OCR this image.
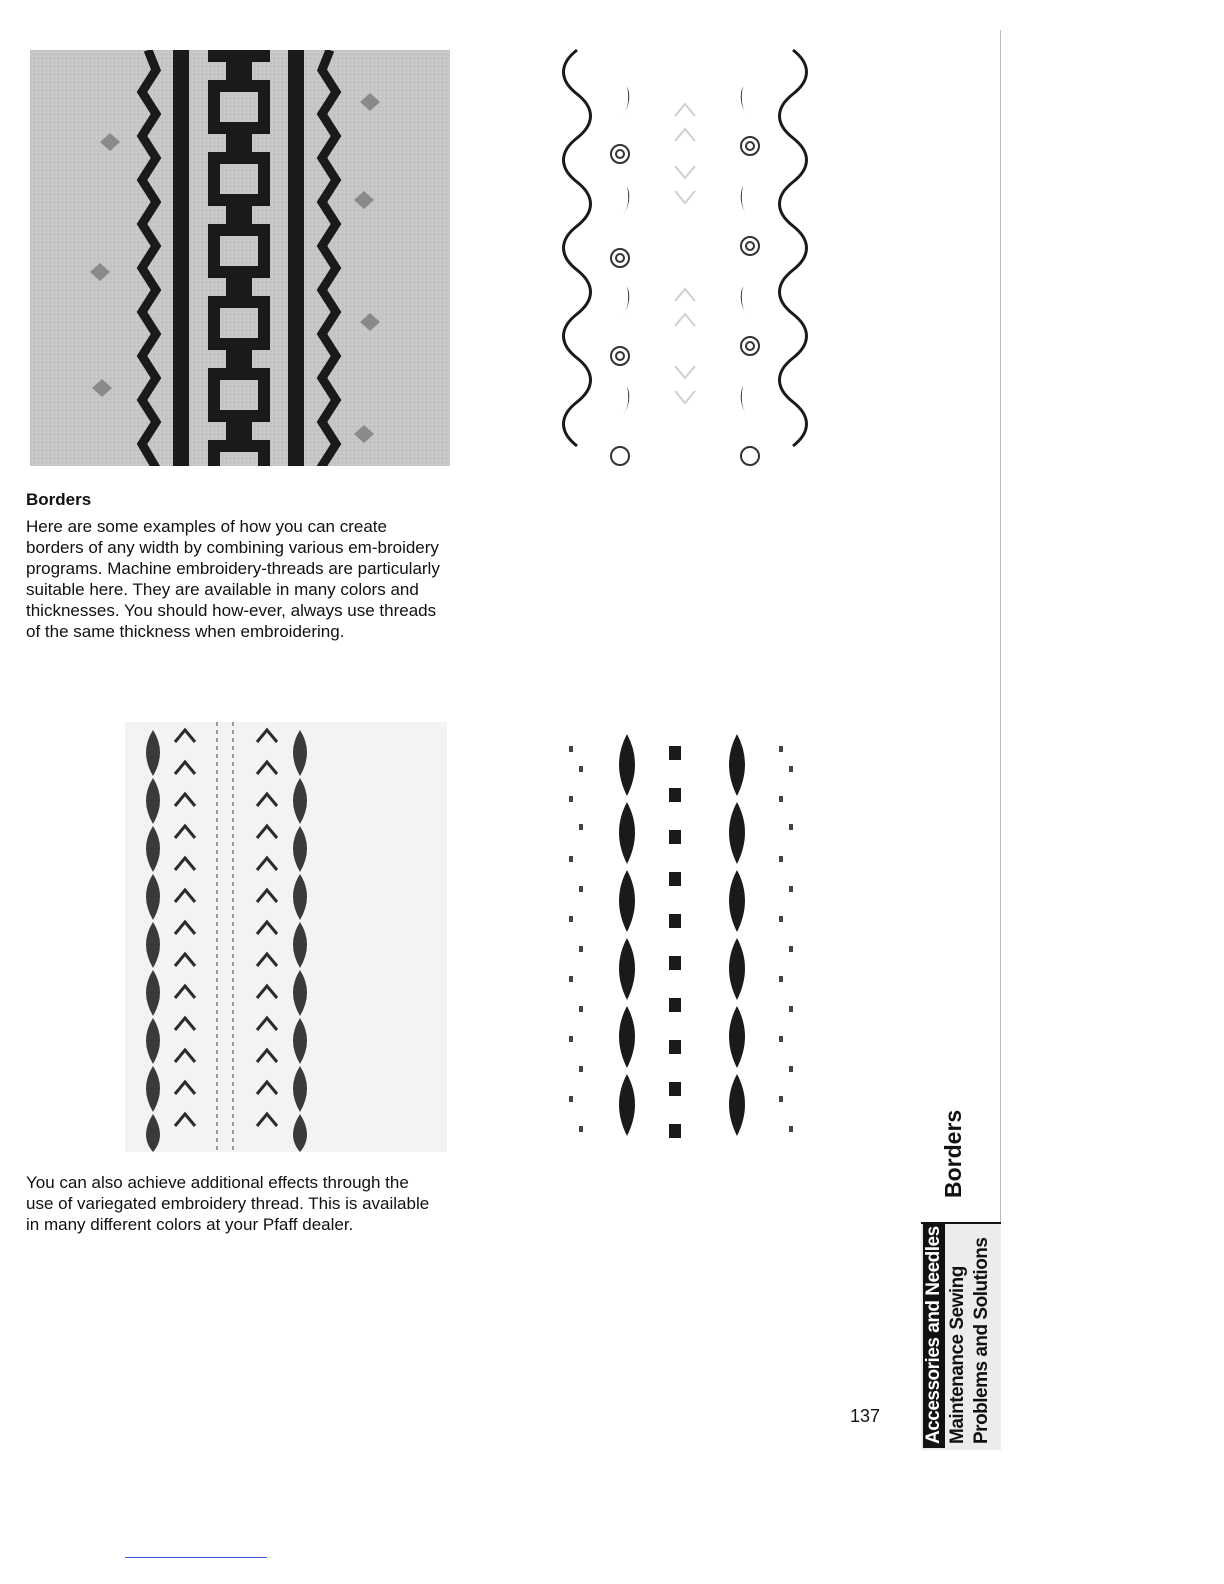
Borders
Here are some examples of how you can create borders of any width by combining various em-broidery programs. Machine embroidery-threads are particularly suitable here. They are available in many colors and thicknesses. You should how-ever, always use threads of the same thickness when embroidering.
You can also achieve additional effects through the use of variegated embroidery thread. This is available in many different colors at your Pfaff dealer.
137
Borders
Accessories and Needles Maintenance Sewing Problems and Solutions
